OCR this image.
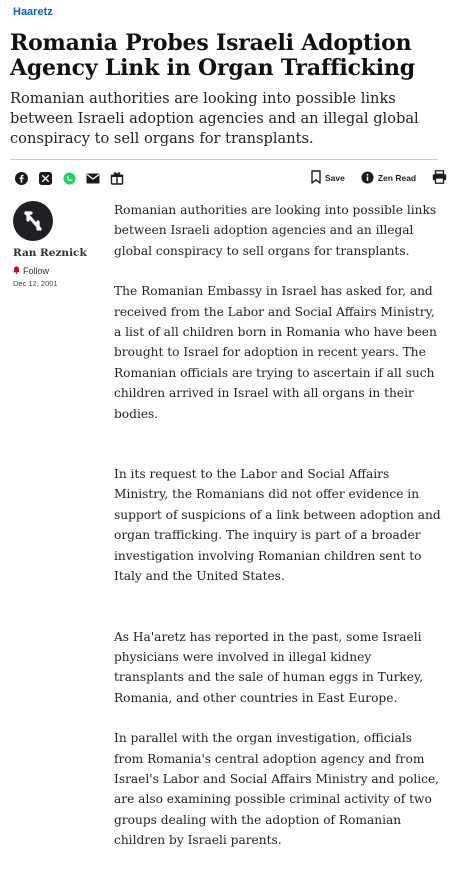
Haaretz
Romania Probes Israeli Adoption Agency Link in Organ Trafficking
Romanian authorities are looking into possible links between Israeli adoption agencies and an illegal global conspiracy to sell organs for transplants.
Save	Zen Read
Ran Reznick
Follow
Dec 12, 2001

Romanian authorities are looking into possible links between Israeli adoption agencies and an illegal global conspiracy to sell organs for transplants.

The Romanian Embassy in Israel has asked for, and received from the Labor and Social Affairs Ministry, a list of all children born in Romania who have been brought to Israel for adoption in recent years. The Romanian officials are trying to ascertain if all such children arrived in Israel with all organs in their bodies.

In its request to the Labor and Social Affairs Ministry, the Romanians did not offer evidence in support of suspicions of a link between adoption and organ trafficking. The inquiry is part of a broader investigation involving Romanian children sent to Italy and the United States.

As Ha'aretz has reported in the past, some Israeli physicians were involved in illegal kidney transplants and the sale of human eggs in Turkey, Romania, and other countries in East Europe.

In parallel with the organ investigation, officials from Romania's central adoption agency and from Israel's Labor and Social Affairs Ministry and police, are also examining possible criminal activity of two groups dealing with the adoption of Romanian children by Israeli parents.
